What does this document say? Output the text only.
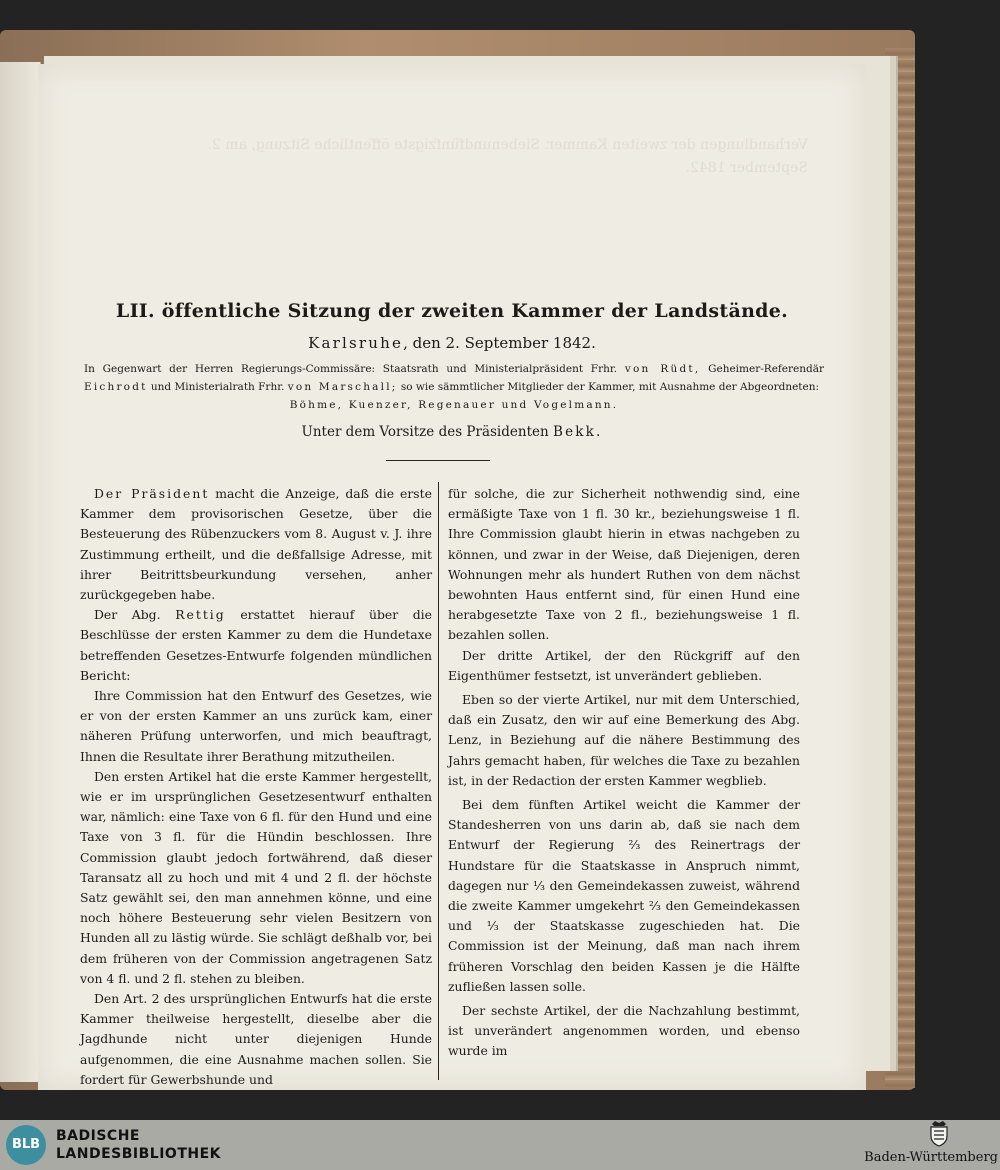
Verhandlungen der zweiten Kammer. Siebenundfünfzigste öffentliche Sitzung, am 2. September 1842.
LII. öffentliche Sitzung der zweiten Kammer der Landstände.
Karlsruhe, den 2. September 1842.

In Gegenwart der Herren Regierungs-Commissäre: Staatsrath und Ministerialpräsident Frhr. von Rüdt, Geheimer-Referendär Eichrodt und Ministerialrath Frhr. von Marschall; so wie sämmtlicher Mitglieder der Kammer, mit Ausnahme der Abgeordneten:
Böhme, Kuenzer, Regenauer und Vogelmann.

Unter dem Vorsitze des Präsidenten Bekk.

Der Präsident macht die Anzeige, daß die erste Kammer dem provisorischen Gesetze, über die Besteuerung des Rübenzuckers vom 8. August v. J. ihre Zustimmung ertheilt, und die deßfallsige Adresse, mit ihrer Beitrittsbeurkundung versehen, anher zurückgegeben habe.

Der Abg. Rettig erstattet hierauf über die Beschlüsse der ersten Kammer zu dem die Hundetaxe betreffenden Gesetzes-Entwurfe folgenden mündlichen Bericht:

Ihre Commission hat den Entwurf des Gesetzes, wie er von der ersten Kammer an uns zurück kam, einer näheren Prüfung unterworfen, und mich beauftragt, Ihnen die Resultate ihrer Berathung mitzutheilen.

Den ersten Artikel hat die erste Kammer hergestellt, wie er im ursprünglichen Gesetzesentwurf enthalten war, nämlich: eine Taxe von 6 fl. für den Hund und eine Taxe von 3 fl. für die Hündin beschlossen. Ihre Commission glaubt jedoch fortwährend, daß dieser Taransatz all zu hoch und mit 4 und 2 fl. der höchste Satz gewählt sei, den man annehmen könne, und eine noch höhere Besteuerung sehr vielen Besitzern von Hunden all zu lästig würde. Sie schlägt deßhalb vor, bei dem früheren von der Commission angetragenen Satz von 4 fl. und 2 fl. stehen zu bleiben.

Den Art. 2 des ursprünglichen Entwurfs hat die erste Kammer theilweise hergestellt, dieselbe aber die Jagdhunde nicht unter diejenigen Hunde aufgenommen, die eine Ausnahme machen sollen. Sie fordert für Gewerbshunde und

für solche, die zur Sicherheit nothwendig sind, eine ermäßigte Taxe von 1 fl. 30 kr., beziehungsweise 1 fl. Ihre Commission glaubt hierin in etwas nachgeben zu können, und zwar in der Weise, daß Diejenigen, deren Wohnungen mehr als hundert Ruthen von dem nächst bewohnten Haus entfernt sind, für einen Hund eine herabgesetzte Taxe von 2 fl., beziehungsweise 1 fl. bezahlen sollen.

Der dritte Artikel, der den Rückgriff auf den Eigenthümer festsetzt, ist unverändert geblieben.

Eben so der vierte Artikel, nur mit dem Unterschied, daß ein Zusatz, den wir auf eine Bemerkung des Abg. Lenz, in Beziehung auf die nähere Bestimmung des Jahrs gemacht haben, für welches die Taxe zu bezahlen ist, in der Redaction der ersten Kammer wegblieb.

Bei dem fünften Artikel weicht die Kammer der Standesherren von uns darin ab, daß sie nach dem Entwurf der Regierung ⅔ des Reinertrags der Hundstare für die Staatskasse in Anspruch nimmt, dagegen nur ⅓ den Gemeindekassen zuweist, während die zweite Kammer umgekehrt ⅔ den Gemeindekassen und ⅓ der Staatskasse zugeschieden hat. Die Commission ist der Meinung, daß man nach ihrem früheren Vorschlag den beiden Kassen je die Hälfte zufließen lassen solle.

Der sechste Artikel, der die Nachzahlung bestimmt, ist unverändert angenommen worden, und ebenso wurde im

BLB
BADISCHE
LANDESBIBLIOTHEK	Baden-Württemberg
